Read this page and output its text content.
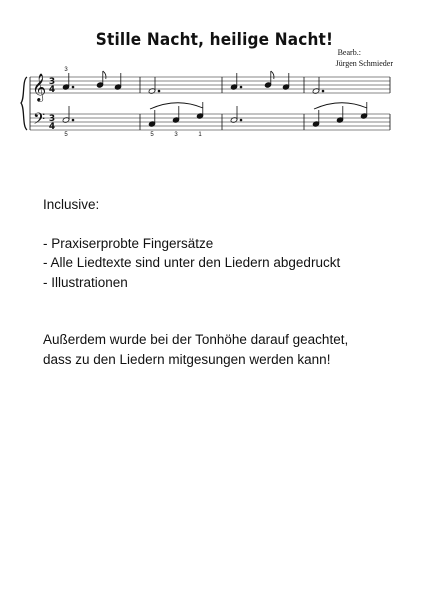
Stille Nacht, heilige Nacht!
Bearb.:
Jürgen Schmieder
𝄞
𝄢
3
4
3
4
3
5	5	3	1

Inclusive:

- Praxiserprobte Fingersätze

- Alle Liedtexte sind unter den Liedern abgedruckt

- Illustrationen

Außerdem wurde bei der Tonhöhe darauf geachtet,

dass zu den Liedern mitgesungen werden kann!
